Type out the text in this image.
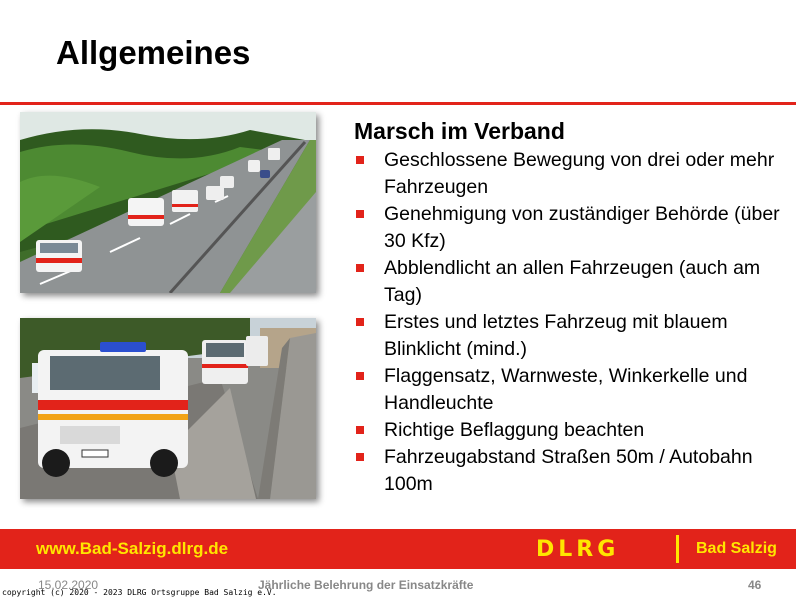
Allgemeines
Marsch im Verband
Geschlossene Bewegung von drei oder mehr Fahrzeugen
Genehmigung von zuständiger Behörde (über 30 Kfz)
Abblendlicht an allen Fahrzeugen (auch am Tag)
Erstes und letztes Fahrzeug mit blauem Blinklicht (mind.)
Flaggensatz, Warnweste, Winkerkelle und Handleuchte
Richtige Beflaggung beachten
Fahrzeugabstand Straßen 50m / Autobahn 100m
www.Bad-Salzig.dlrg.de	DLRG	Bad Salzig
15.02.2020	Jährliche Belehrung der Einsatzkräfte	46
copyright (c) 2020 - 2023 DLRG Ortsgruppe Bad Salzig e.V.
